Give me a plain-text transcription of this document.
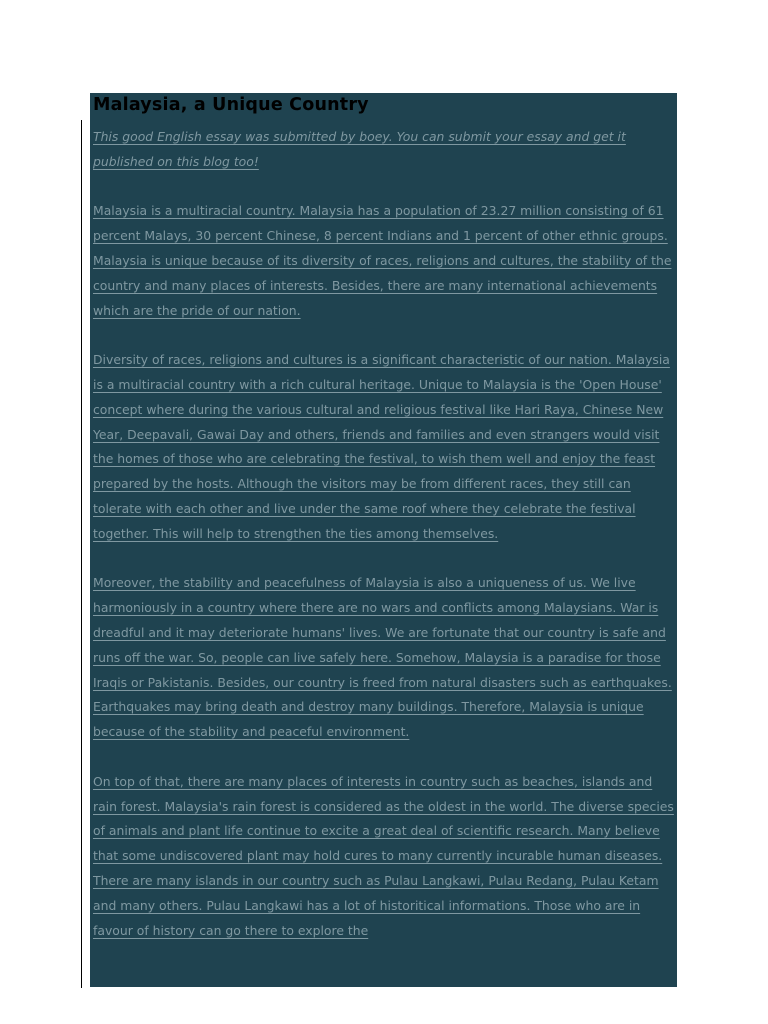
Malaysia, a Unique Country

This good English essay was submitted by boey. You can submit your essay and get it published on this blog too!

Malaysia is a multiracial country. Malaysia has a population of 23.27 million consisting of 61 percent Malays, 30 percent Chinese, 8 percent Indians and 1 percent of other ethnic groups. Malaysia is unique because of its diversity of races, religions and cultures, the stability of the country and many places of interests. Besides, there are many international achievements which are the pride of our nation.

Diversity of races, religions and cultures is a significant characteristic of our nation. Malaysia is a multiracial country with a rich cultural heritage. Unique to Malaysia is the 'Open House' concept where during the various cultural and religious festival like Hari Raya, Chinese New Year, Deepavali, Gawai Day and others, friends and families and even strangers would visit the homes of those who are celebrating the festival, to wish them well and enjoy the feast prepared by the hosts. Although the visitors may be from different races, they still can tolerate with each other and live under the same roof where they celebrate the festival together. This will help to strengthen the ties among themselves.

Moreover, the stability and peacefulness of Malaysia is also a uniqueness of us. We live harmoniously in a country where there are no wars and conflicts among Malaysians. War is dreadful and it may deteriorate humans' lives. We are fortunate that our country is safe and runs off the war. So, people can live safely here. Somehow, Malaysia is a paradise for those Iraqis or Pakistanis. Besides, our country is freed from natural disasters such as earthquakes. Earthquakes may bring death and destroy many buildings. Therefore, Malaysia is unique because of the stability and peaceful environment.

On top of that, there are many places of interests in country such as beaches, islands and rain forest. Malaysia's rain forest is considered as the oldest in the world. The diverse species of animals and plant life continue to excite a great deal of scientific research. Many believe that some undiscovered plant may hold cures to many currently incurable human diseases. There are many islands in our country such as Pulau Langkawi, Pulau Redang, Pulau Ketam and many others. Pulau Langkawi has a lot of historitical informations. Those who are in favour of history can go there to explore the
